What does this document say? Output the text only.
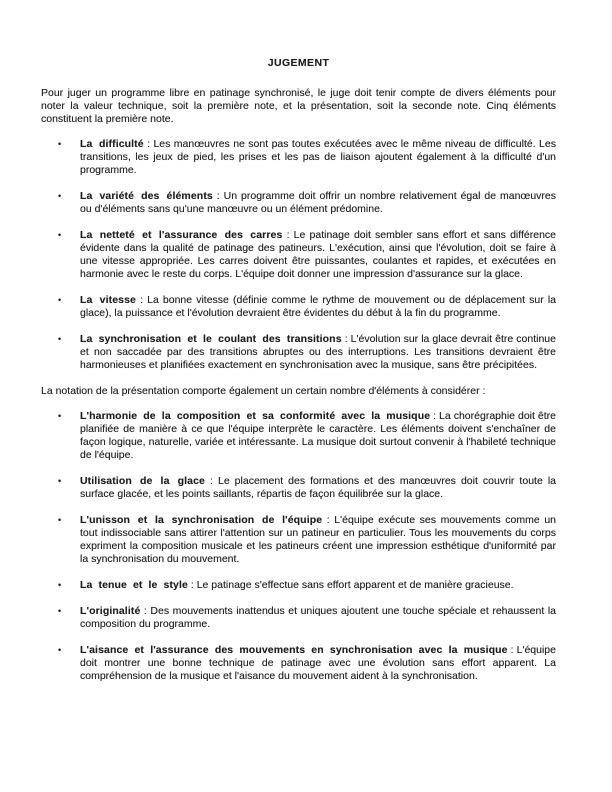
JUGEMENT

Pour juger un programme libre en patinage synchronisé, le juge doit tenir compte de divers éléments pour noter la valeur technique, soit la première note, et la présentation, soit la seconde note. Cinq éléments constituent la première note.

•	La difficulté : Les manœuvres ne sont pas toutes exécutées avec le même niveau de difficulté. Les transitions, les jeux de pied, les prises et les pas de liaison ajoutent également à la difficulté d'un programme.
•	La variété des éléments : Un programme doit offrir un nombre relativement égal de manœuvres ou d'éléments sans qu'une manœuvre ou un élément prédomine.
•	La netteté et l'assurance des carres : Le patinage doit sembler sans effort et sans différence évidente dans la qualité de patinage des patineurs. L'exécution, ainsi que l'évolution, doit se faire à une vitesse appropriée. Les carres doivent être puissantes, coulantes et rapides, et exécutées en harmonie avec le reste du corps. L'équipe doit donner une impression d'assurance sur la glace.
•	La vitesse : La bonne vitesse (définie comme le rythme de mouvement ou de déplacement sur la glace), la puissance et l'évolution devraient être évidentes du début à la fin du programme.
•	La synchronisation et le coulant des transitions : L'évolution sur la glace devrait être continue et non saccadée par des transitions abruptes ou des interruptions. Les transitions devraient être harmonieuses et planifiées exactement en synchronisation avec la musique, sans être précipitées.

La notation de la présentation comporte également un certain nombre d'éléments à considérer :

•	L'harmonie de la composition et sa conformité avec la musique : La chorégraphie doit être planifiée de manière à ce que l'équipe interprète le caractère. Les éléments doivent s'enchaîner de façon logique, naturelle, variée et intéressante. La musique doit surtout convenir à l'habileté technique de l'équipe.
•	Utilisation de la glace : Le placement des formations et des manœuvres doit couvrir toute la surface glacée, et les points saillants, répartis de façon équilibrée sur la glace.
•	L'unisson et la synchronisation de l'équipe : L'équipe exécute ses mouvements comme un tout indissociable sans attirer l'attention sur un patineur en particulier. Tous les mouvements du corps expriment la composition musicale et les patineurs créent une impression esthétique d'uniformité par la synchronisation du mouvement.
•	La tenue et le style : Le patinage s'effectue sans effort apparent et de manière gracieuse.
•	L'originalité : Des mouvements inattendus et uniques ajoutent une touche spéciale et rehaussent la composition du programme.
•	L'aisance et l'assurance des mouvements en synchronisation avec la musique : L'équipe doit montrer une bonne technique de patinage avec une évolution sans effort apparent. La compréhension de la musique et l'aisance du mouvement aident à la synchronisation.
